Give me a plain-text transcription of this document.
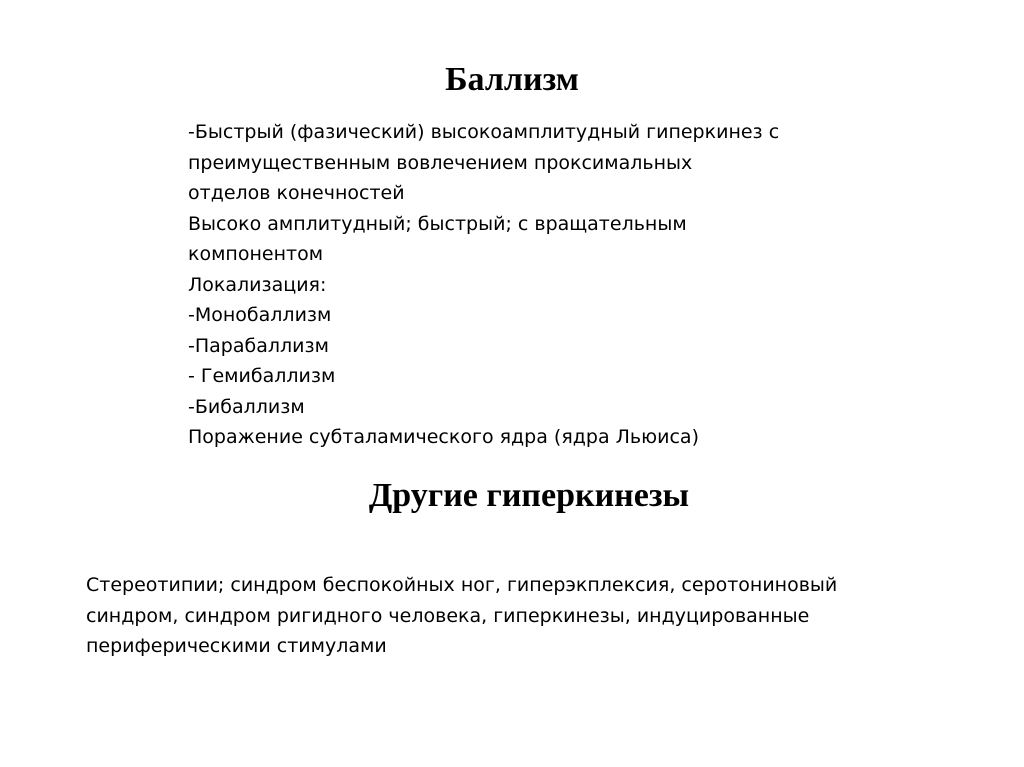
Баллизм
-Быстрый (фазический) высокоамплитудный гиперкинез с
преимущественным вовлечением проксимальных
отделов конечностей
Высоко амплитудный; быстрый; с вращательным
компонентом
Локализация:
-Монобаллизм
-Парабаллизм
- Гемибаллизм
-Бибаллизм
Поражение субталамического ядра (ядра Льюиса)
Другие гиперкинезы
Стереотипии; синдром беспокойных ног, гиперэкплексия, серотониновый
синдром, синдром ригидного человека, гиперкинезы, индуцированные
периферическими стимулами
